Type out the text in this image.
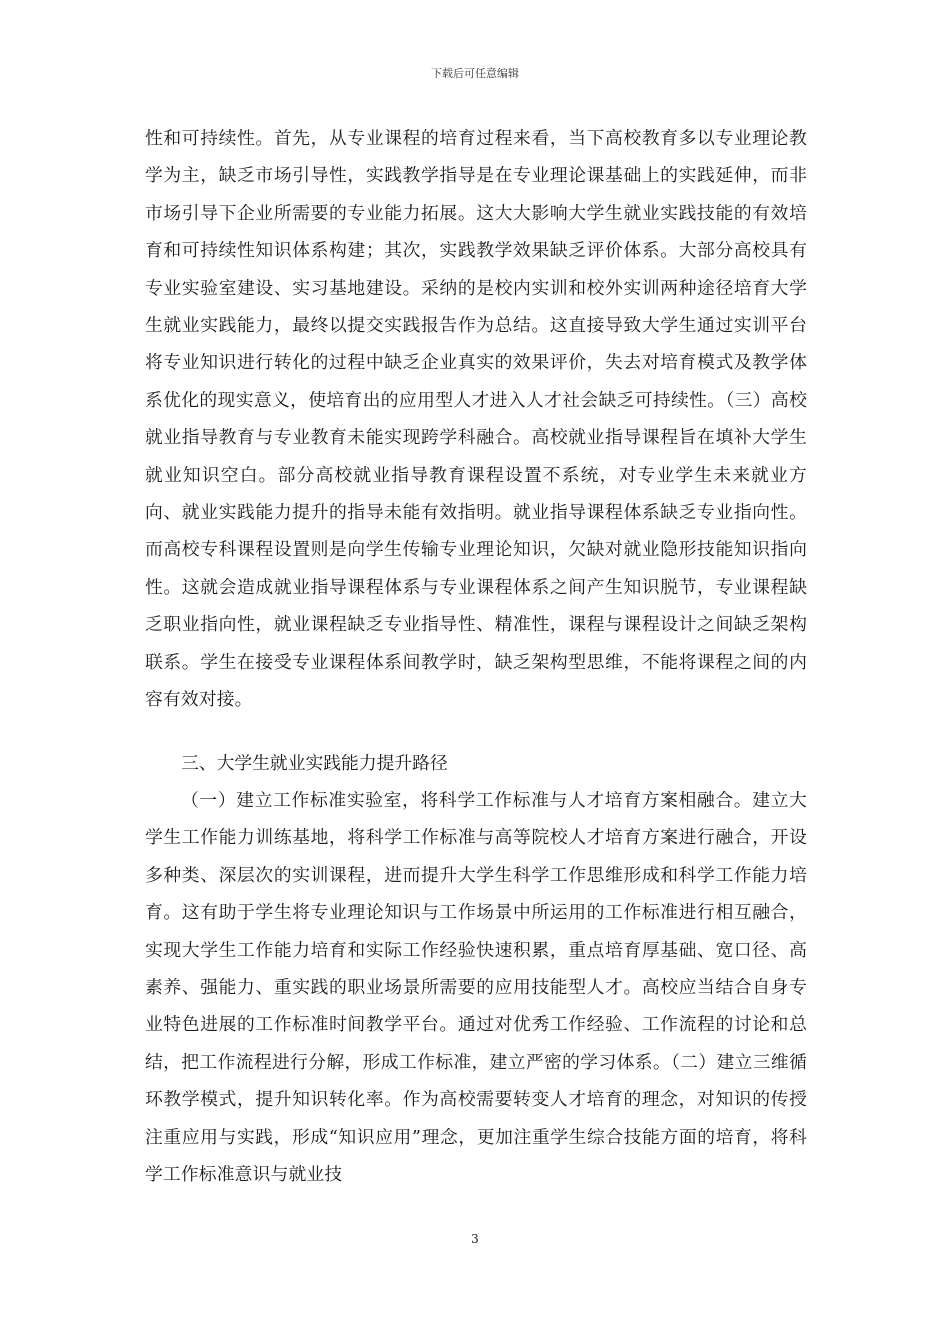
下载后可任意编辑

性和可持续性。首先，从专业课程的培育过程来看，当下高校教育多以专业理论教学为主，缺乏市场引导性，实践教学指导是在专业理论课基础上的实践延伸，而非市场引导下企业所需要的专业能力拓展。这大大影响大学生就业实践技能的有效培育和可持续性知识体系构建；其次，实践教学效果缺乏评价体系。大部分高校具有专业实验室建设、实习基地建设。采纳的是校内实训和校外实训两种途径培育大学生就业实践能力，最终以提交实践报告作为总结。这直接导致大学生通过实训平台将专业知识进行转化的过程中缺乏企业真实的效果评价，失去对培育模式及教学体系优化的现实意义，使培育出的应用型人才进入人才社会缺乏可持续性。（三）高校就业指导教育与专业教育未能实现跨学科融合。高校就业指导课程旨在填补大学生就业知识空白。部分高校就业指导教育课程设置不系统，对专业学生未来就业方向、就业实践能力提升的指导未能有效指明。就业指导课程体系缺乏专业指向性。而高校专科课程设置则是向学生传输专业理论知识，欠缺对就业隐形技能知识指向性。这就会造成就业指导课程体系与专业课程体系之间产生知识脱节，专业课程缺乏职业指向性，就业课程缺乏专业指导性、精准性，课程与课程设计之间缺乏架构联系。学生在接受专业课程体系间教学时，缺乏架构型思维，不能将课程之间的内容有效对接。

三、大学生就业实践能力提升路径

（一）建立工作标准实验室，将科学工作标准与人才培育方案相融合。建立大学生工作能力训练基地，将科学工作标准与高等院校人才培育方案进行融合，开设多种类、深层次的实训课程，进而提升大学生科学工作思维形成和科学工作能力培育。这有助于学生将专业理论知识与工作场景中所运用的工作标准进行相互融合，实现大学生工作能力培育和实际工作经验快速积累，重点培育厚基础、宽口径、高素养、强能力、重实践的职业场景所需要的应用技能型人才。高校应当结合自身专业特色进展的工作标准时间教学平台。通过对优秀工作经验、工作流程的讨论和总结，把工作流程进行分解，形成工作标准，建立严密的学习体系。（二）建立三维循环教学模式，提升知识转化率。作为高校需要转变人才培育的理念，对知识的传授注重应用与实践，形成“知识应用”理念，更加注重学生综合技能方面的培育，将科学工作标准意识与就业技

3
